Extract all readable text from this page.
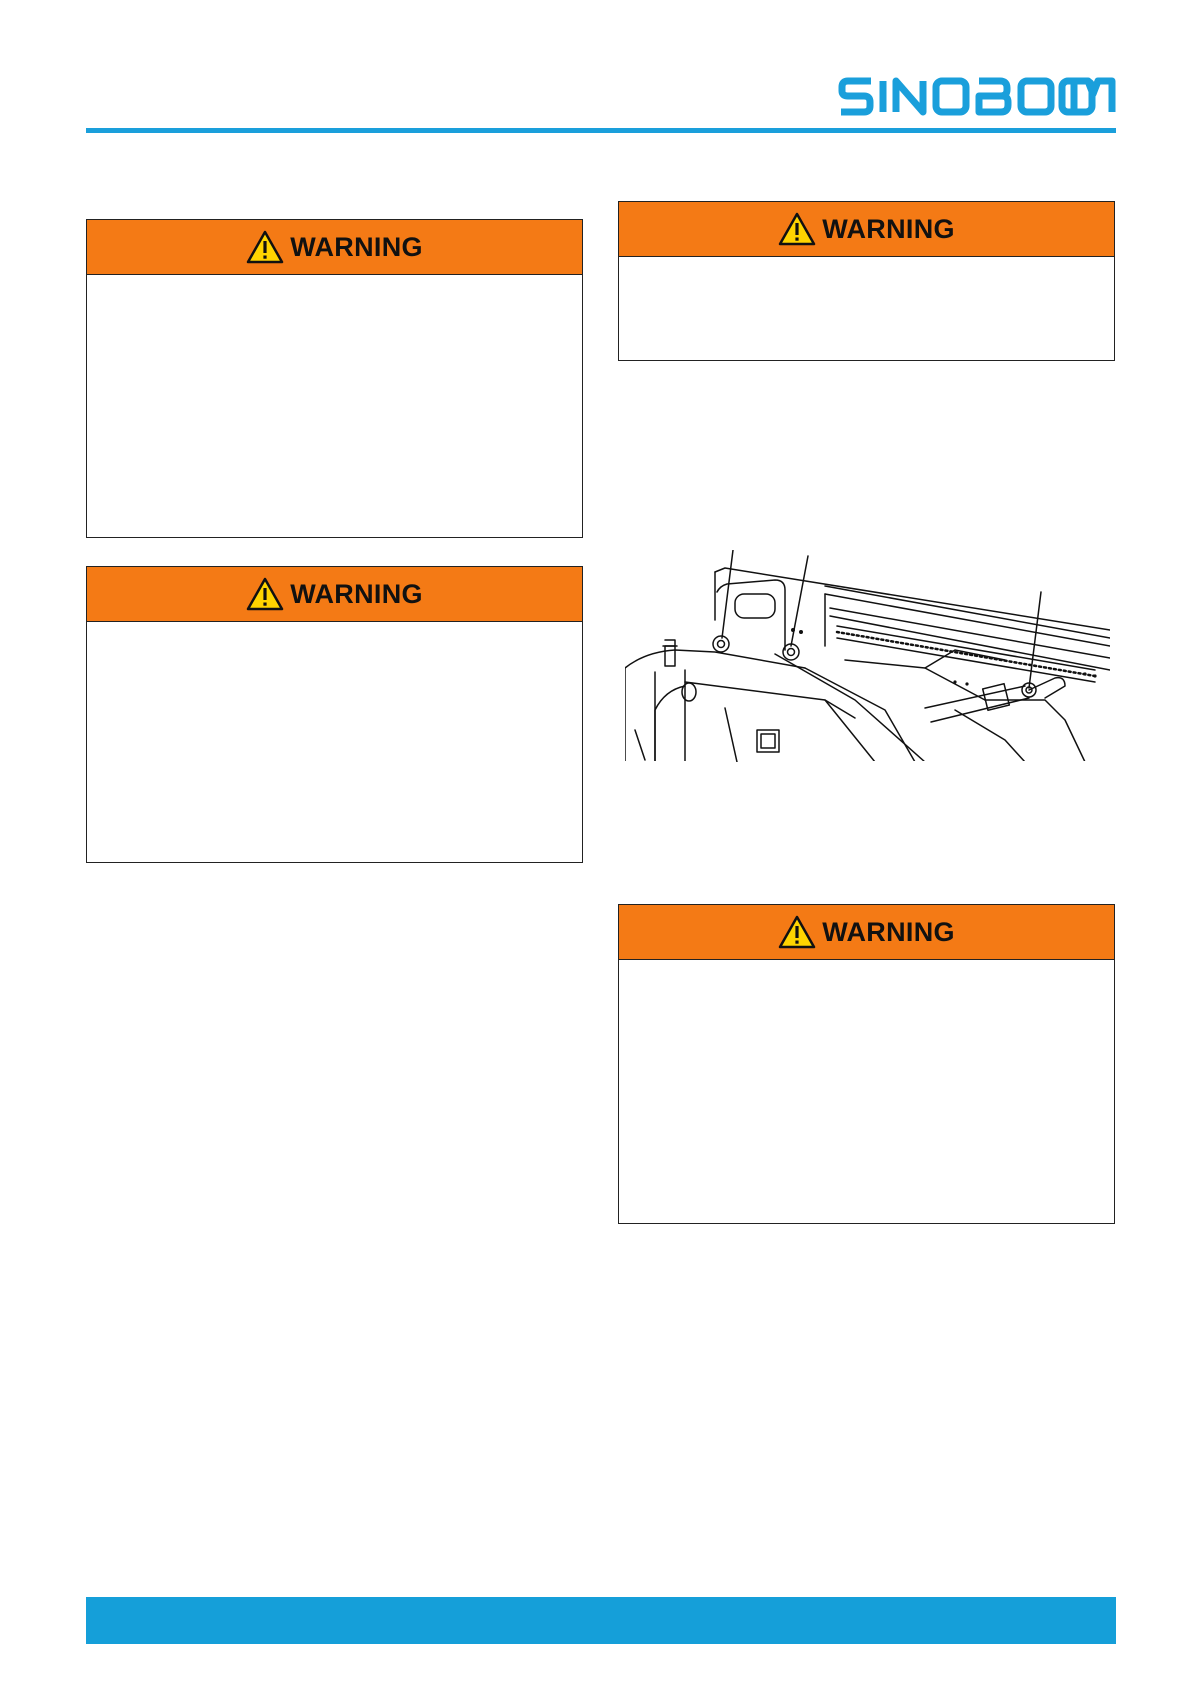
SINOBOOM
WARNING
WARNING
WARNING
WARNING
